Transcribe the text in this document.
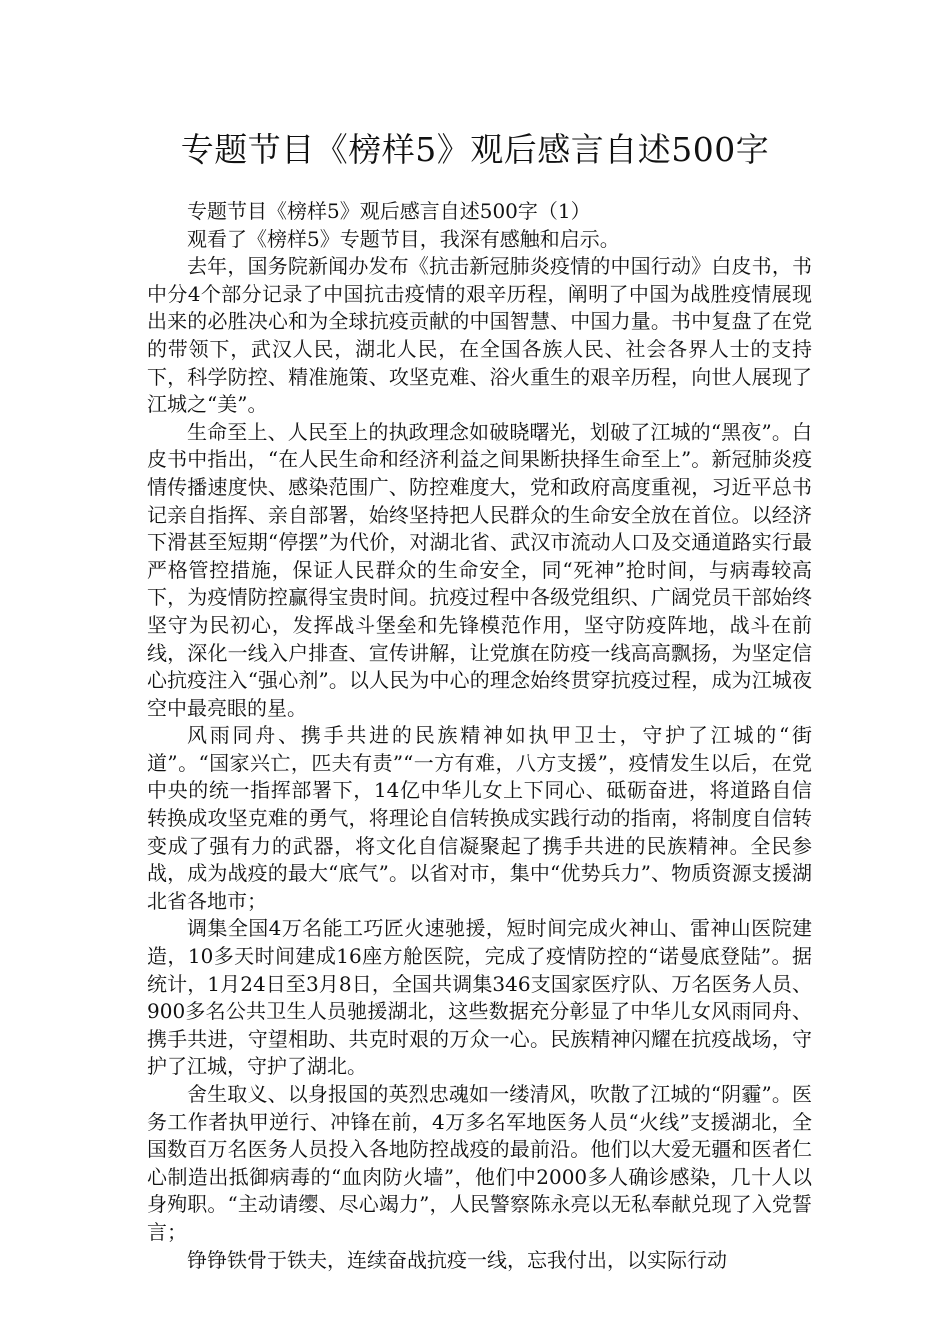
专题节目《榜样5》观后感言自述500字

专题节目《榜样5》观后感言自述500字（1）

观看了《榜样5》专题节目，我深有感触和启示。

去年，国务院新闻办发布《抗击新冠肺炎疫情的中国行动》白皮书，书中分4个部分记录了中国抗击疫情的艰辛历程，阐明了中国为战胜疫情展现出来的必胜决心和为全球抗疫贡献的中国智慧、中国力量。书中复盘了在党的带领下，武汉人民，湖北人民，在全国各族人民、社会各界人士的支持下，科学防控、精准施策、攻坚克难、浴火重生的艰辛历程，向世人展现了江城之“美”。

生命至上、人民至上的执政理念如破晓曙光，划破了江城的“黑夜”。白皮书中指出，“在人民生命和经济利益之间果断抉择生命至上”。新冠肺炎疫情传播速度快、感染范围广、防控难度大，党和政府高度重视，习近平总书记亲自指挥、亲自部署，始终坚持把人民群众的生命安全放在首位。以经济下滑甚至短期“停摆”为代价，对湖北省、武汉市流动人口及交通道路实行最严格管控措施，保证人民群众的生命安全，同“死神”抢时间，与病毒较高下，为疫情防控赢得宝贵时间。抗疫过程中各级党组织、广阔党员干部始终坚守为民初心，发挥战斗堡垒和先锋模范作用，坚守防疫阵地，战斗在前线，深化一线入户排查、宣传讲解，让党旗在防疫一线高高飘扬，为坚定信心抗疫注入“强心剂”。以人民为中心的理念始终贯穿抗疫过程，成为江城夜空中最亮眼的星。

风雨同舟、携手共进的民族精神如执甲卫士，守护了江城的“街道”。“国家兴亡，匹夫有责”“一方有难，八方支援”，疫情发生以后，在党中央的统一指挥部署下，14亿中华儿女上下同心、砥砺奋进，将道路自信转换成攻坚克难的勇气，将理论自信转换成实践行动的指南，将制度自信转变成了强有力的武器，将文化自信凝聚起了携手共进的民族精神。全民参战，成为战疫的最大“底气”。以省对市，集中“优势兵力”、物质资源支援湖北省各地市；

调集全国4万名能工巧匠火速驰援，短时间完成火神山、雷神山医院建造，10多天时间建成16座方舱医院，完成了疫情防控的“诺曼底登陆”。据统计，1月24日至3月8日，全国共调集346支国家医疗队、万名医务人员、900多名公共卫生人员驰援湖北，这些数据充分彰显了中华儿女风雨同舟、携手共进，守望相助、共克时艰的万众一心。民族精神闪耀在抗疫战场，守护了江城，守护了湖北。

舍生取义、以身报国的英烈忠魂如一缕清风，吹散了江城的“阴霾”。医务工作者执甲逆行、冲锋在前，4万多名军地医务人员“火线”支援湖北，全国数百万名医务人员投入各地防控战疫的最前沿。他们以大爱无疆和医者仁心制造出抵御病毒的“血肉防火墙”，他们中2000多人确诊感染，几十人以身殉职。“主动请缨、尽心竭力”，人民警察陈永亮以无私奉献兑现了入党誓言；

铮铮铁骨于铁夫，连续奋战抗疫一线，忘我付出，以实际行动
